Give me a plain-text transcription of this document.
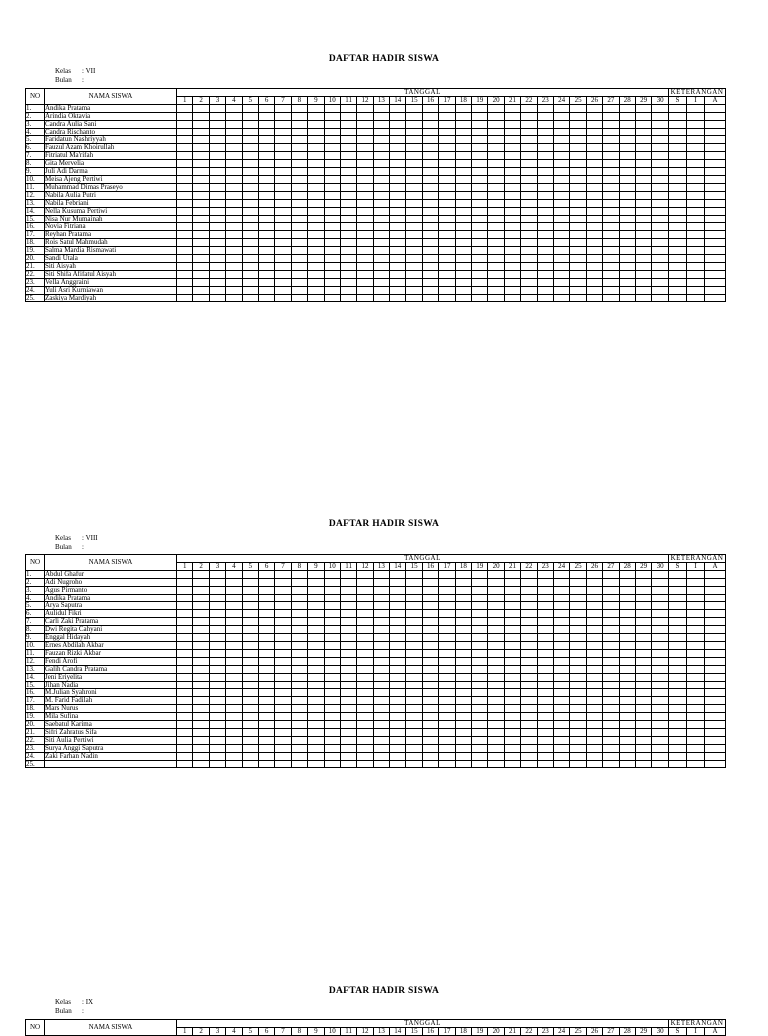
DAFTAR HADIR SISWA
Kelas : VII
Bulan :
NO	NAMA SISWA	TANGGAL																														KETERANGAN		
		1	2	3	4	5	6	7	8	9	10	11	12	13	14	15	16	17	18	19	20	21	22	23	24	25	26	27	28	29	30	S	I	A
1.	Andika Pratama																																	
2.	Arindia Oktavia																																	
3.	Candra Aulia Sani																																	
4.	Candra Rischanto																																	
5.	Faridatun Nashriyyah																																	
6.	Fauzul Azam Khoirullah																																	
7.	Fitriatul Ma'rifah																																	
8.	Gita Mervelia																																	
9.	Juli Adi Darma																																	
10.	Meisa Ajeng Pertiwi																																	
11.	Muhammad Dimas Praseyo																																	
12.	Nabila Aulia Putri																																	
13.	Nabila Febriani																																	
14.	Nella Kusuma Pertiwi																																	
15.	Nisa Nur Mumainah																																	
16.	Novia Fitriana																																	
17.	Reyhan Pratama																																	
18.	Rois Satul Mahmudah																																	
19.	Salma Mardia Rismawati																																	
20.	Sandi Utala																																	
21.	Siti Aisyah																																	
22.	Siti Shifa Afifatul Aisyah																																	
23.	Vella Anggraini																																	
24.	Yuli Asri Kurniawan																																	
25.	Zaskiya Mardiyah																																	
DAFTAR HADIR SISWA
Kelas : VIII
Bulan :
NO	NAMA SISWA	TANGGAL																														KETERANGAN		
		1	2	3	4	5	6	7	8	9	10	11	12	13	14	15	16	17	18	19	20	21	22	23	24	25	26	27	28	29	30	S	I	A
1.	Abdul Ghafur																																	
2.	Adi Nugroho																																	
3.	Agus Pirmanto																																	
4.	Andika Pratama																																	
5.	Arya Saputra																																	
6.	Aulidul Fikri																																	
7.	Carli Zaki Pratama																																	
8.	Dwi Regita Cahyani																																	
9.	Enggal Hidayah																																	
10.	Ernes Abdilah Akbar																																	
11.	Fauzan Rizki Akbar																																	
12.	Fendi Arofi																																	
13.	Galih Candra Pratama																																	
14.	Jeni Eriyelita																																	
15.	Jihan Nadia																																	
16.	M.Julian Syahroni																																	
17.	M. Farid Fadilah																																	
18.	Mars Nurus																																	
19.	Mila Sufina																																	
20.	Saebatul Karima																																	
21.	Sifri Zahratus Sifa																																	
22.	Siti Aulia Pertiwi																																	
23.	Surya Anggi Saputra																																	
24.	Zaki Farhan Nadin																																	
25.																																		
DAFTAR HADIR SISWA
Kelas : IX
Bulan :
NO	NAMA SISWA	TANGGAL																														KETERANGAN		
		1	2	3	4	5	6	7	8	9	10	11	12	13	14	15	16	17	18	19	20	21	22	23	24	25	26	27	28	29	30	S	I	A
